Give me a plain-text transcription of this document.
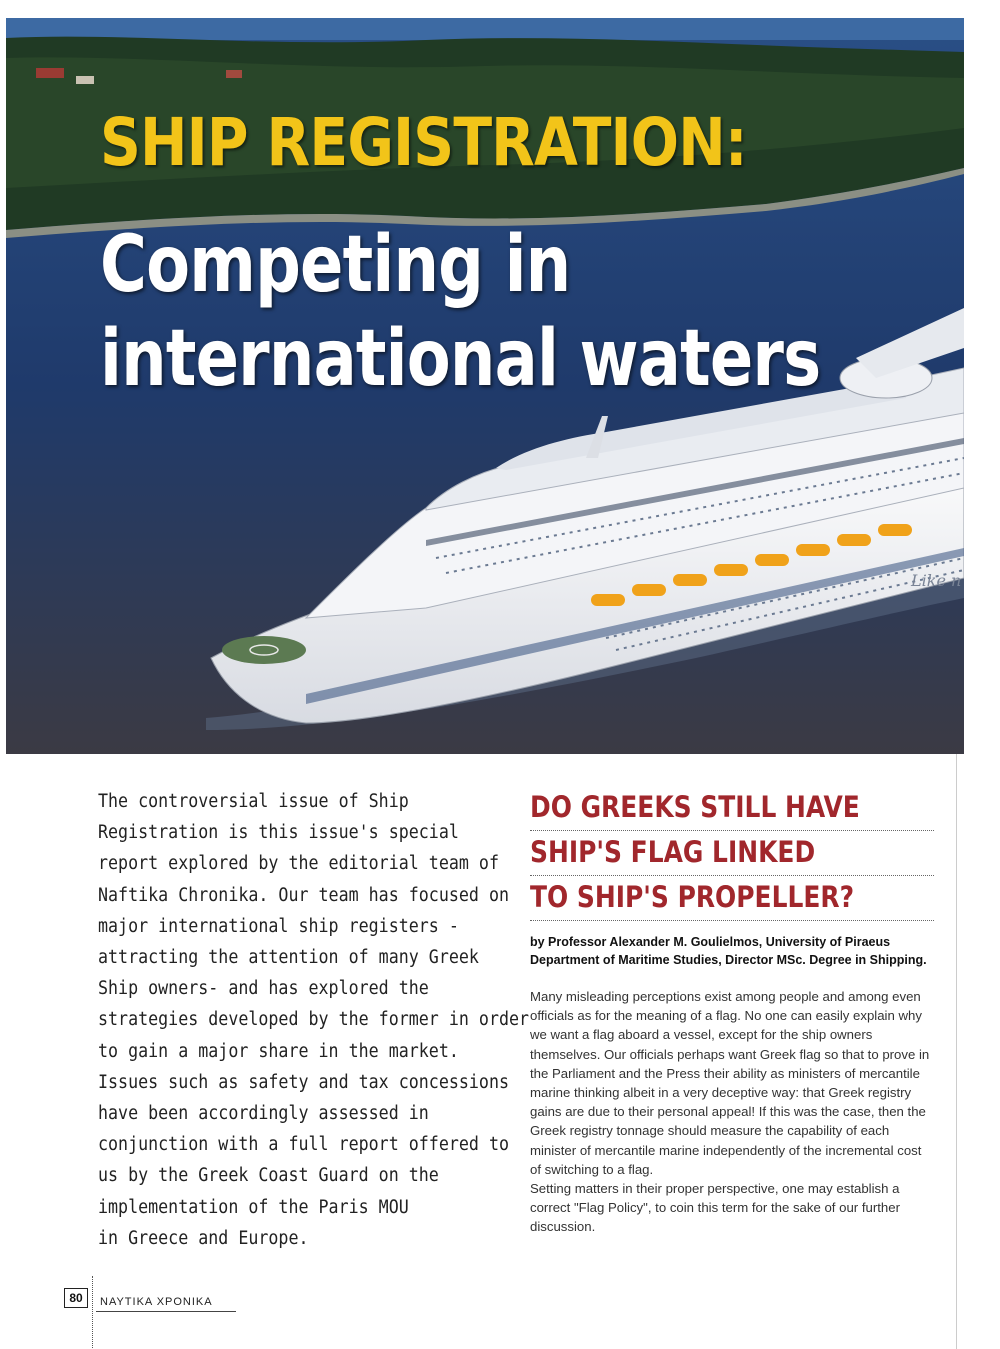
Like n
SHIP REGISTRATION:
Competing in
international waters
The controversial issue of Ship
Registration is this issue's special
report explored by the editorial team of
Naftika Chronika. Our team has focused on
major international ship registers -
attracting the attention of many Greek
Ship owners- and has explored the
strategies developed by the former in order
to gain a major share in the market.
Issues such as safety and tax concessions
have been accordingly assessed in
conjunction with a full report offered to
us by the Greek Coast Guard on the
implementation of the Paris MOU
in Greece and Europe.
DO GREEKS STILL HAVE
SHIP'S FLAG LINKED
TO SHIP'S PROPELLER?
by Professor Alexander M. Goulielmos, University of Piraeus Department of Maritime Studies, Director MSc. Degree in Shipping.

Many misleading perceptions exist among people and among even officials as for the meaning of a flag. No one can easily explain why we want a flag aboard a vessel, except for the ship owners themselves. Our officials perhaps want Greek flag so that to prove in the Parliament and the Press their ability as ministers of mercantile marine thinking albeit in a very deceptive way: that Greek registry gains are due to their personal appeal! If this was the case, then the Greek registry tonnage should measure the capability of each minister of mercantile marine independently of the incremental cost of switching to a flag.

Setting matters in their proper perspective, one may establish a correct "Flag Policy", to coin this term for the sake of our further discussion.

80	ΝΑΥΤΙΚΑ ΧΡΟΝΙΚΑ
